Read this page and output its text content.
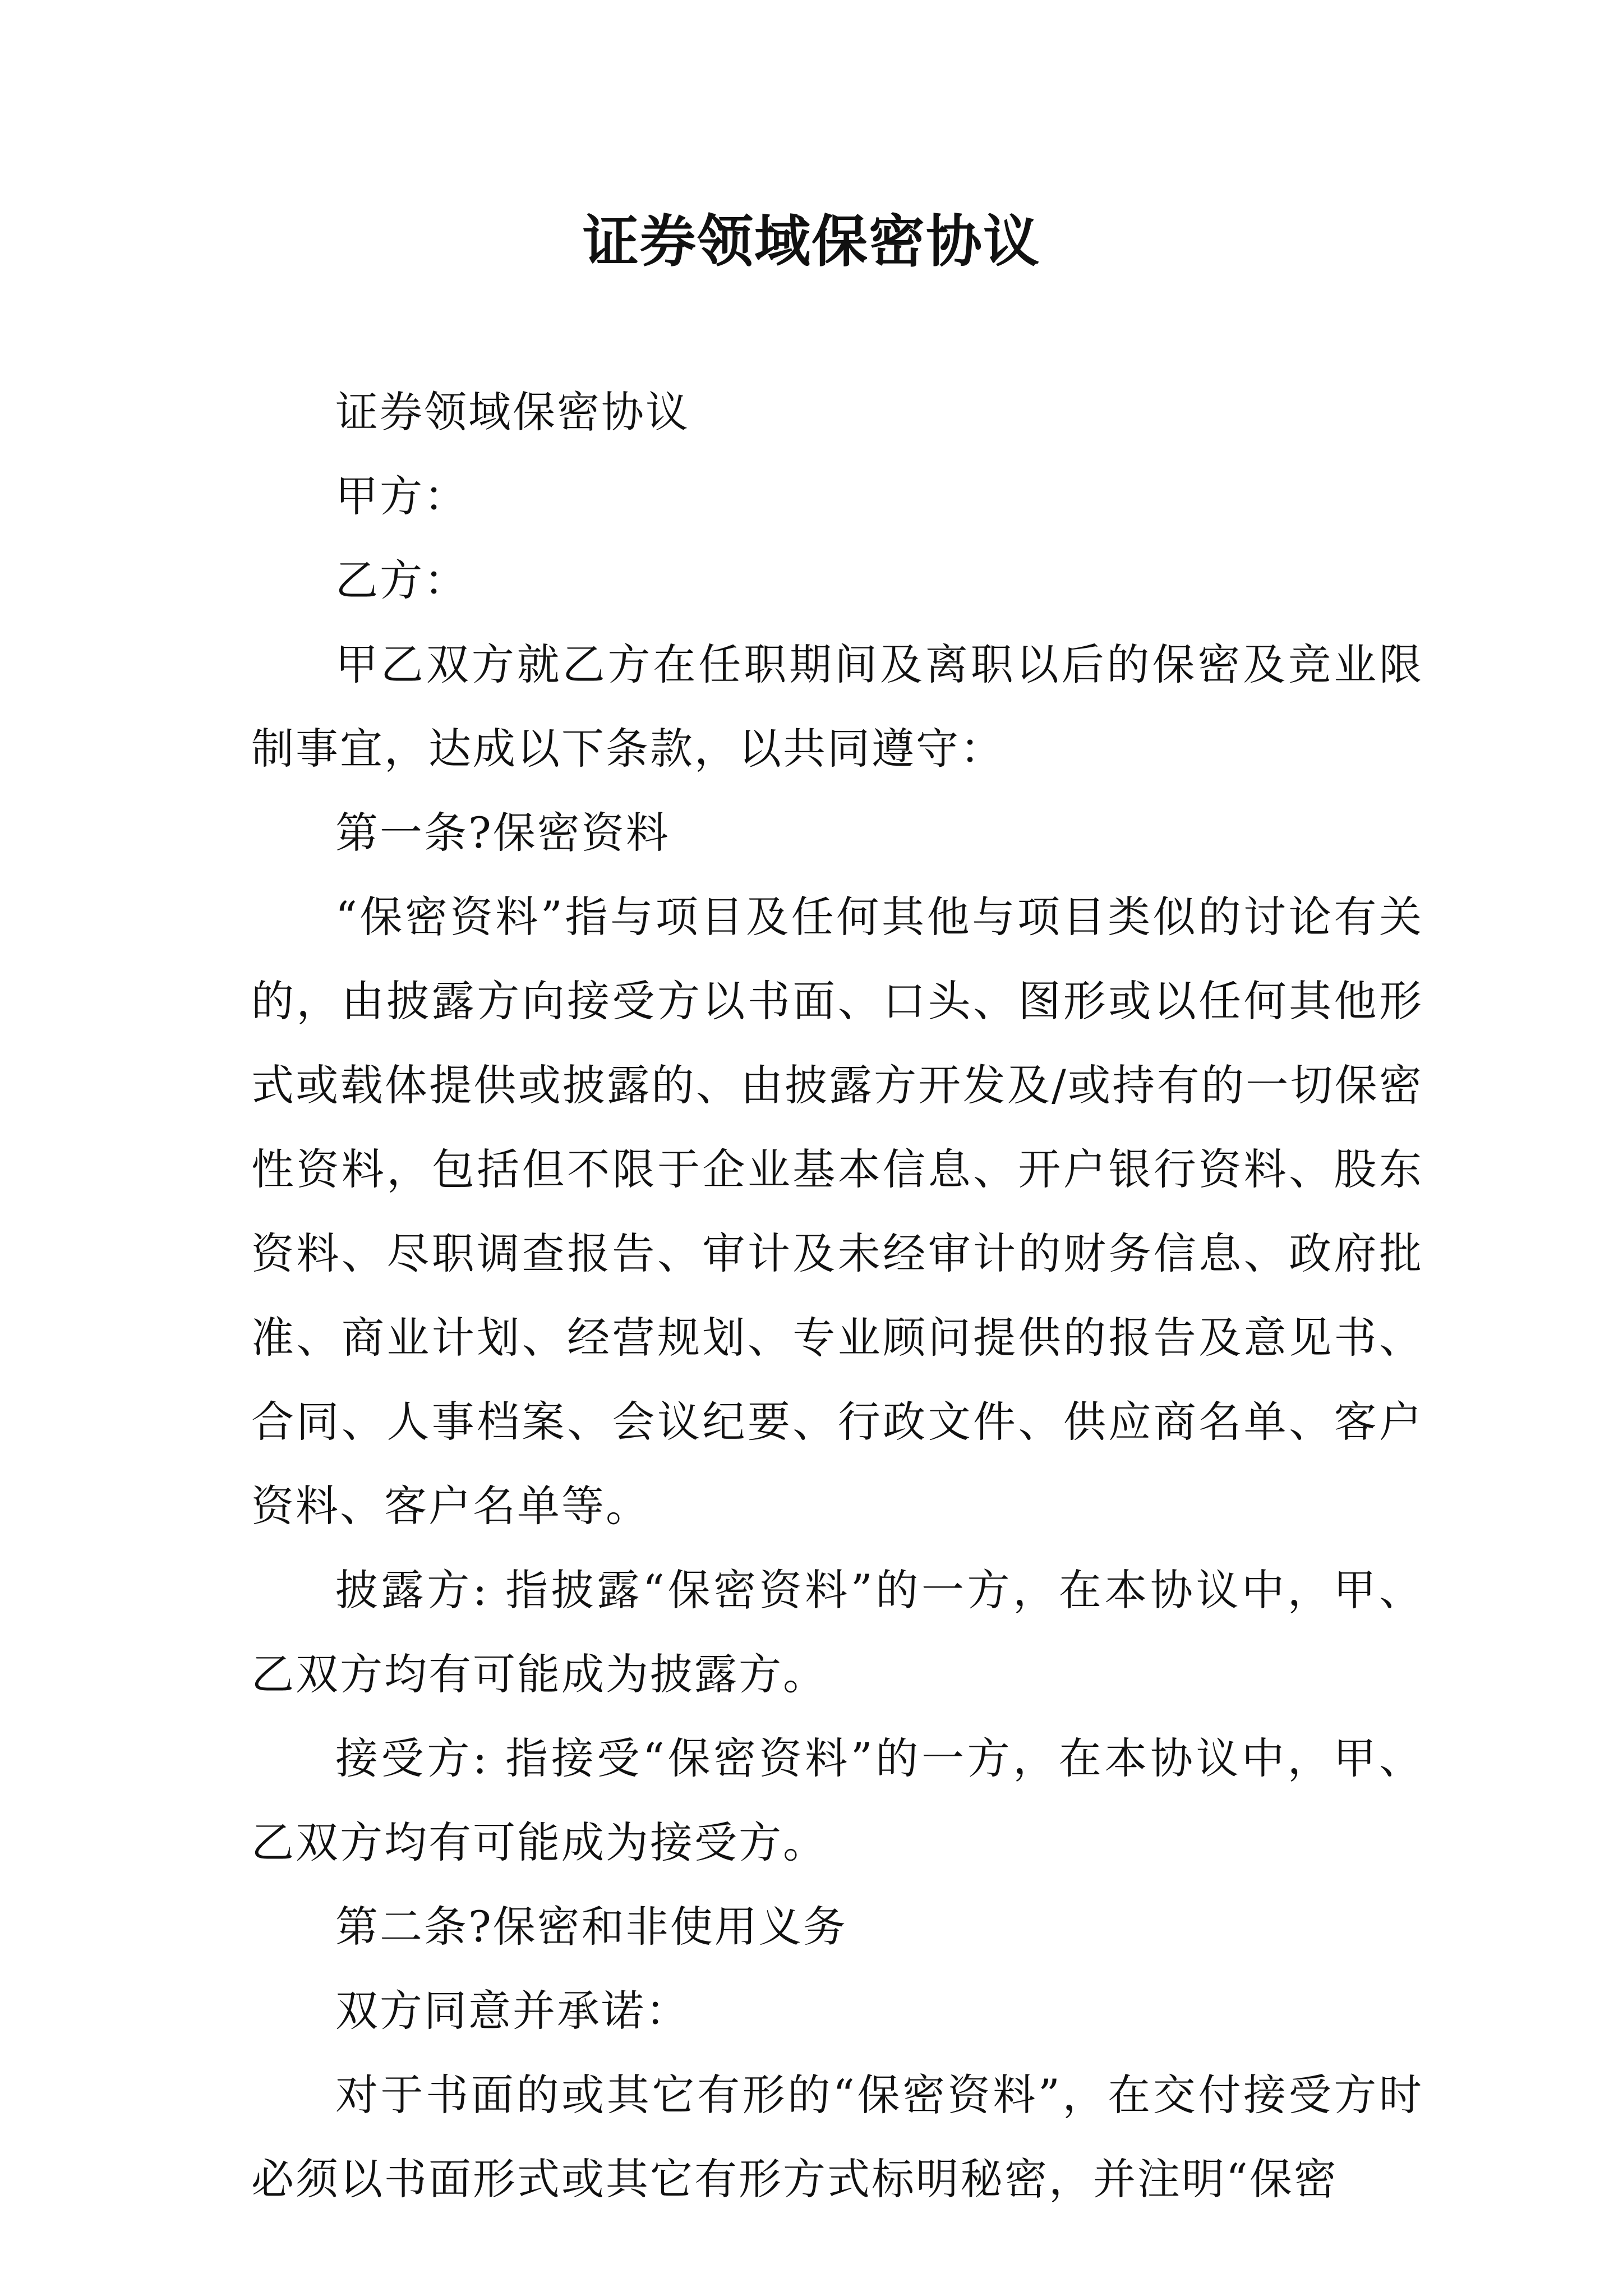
证券领域保密协议

证券领域保密协议

甲方：

乙方：

甲乙双方就乙方在任职期间及离职以后的保密及竞业限制事宜，达成以下条款，以共同遵守：

第一条?保密资料

“保密资料”指与项目及任何其他与项目类似的讨论有关的，由披露方向接受方以书面、口头、图形或以任何其他形式或载体提供或披露的、由披露方开发及/或持有的一切保密性资料，包括但不限于企业基本信息、开户银行资料、股东资料、尽职调查报告、审计及未经审计的财务信息、政府批准、商业计划、经营规划、专业顾问提供的报告及意见书、合同、人事档案、会议纪要、行政文件、供应商名单、客户资料、客户名单等。

披露方: 指披露“保密资料”的一方，在本协议中，甲、乙双方均有可能成为披露方。

接受方: 指接受“保密资料”的一方，在本协议中，甲、乙双方均有可能成为接受方。

第二条?保密和非使用义务

双方同意并承诺：

对于书面的或其它有形的“保密资料”，在交付接受方时必须以书面形式或其它有形方式标明秘密，并注明“保密
